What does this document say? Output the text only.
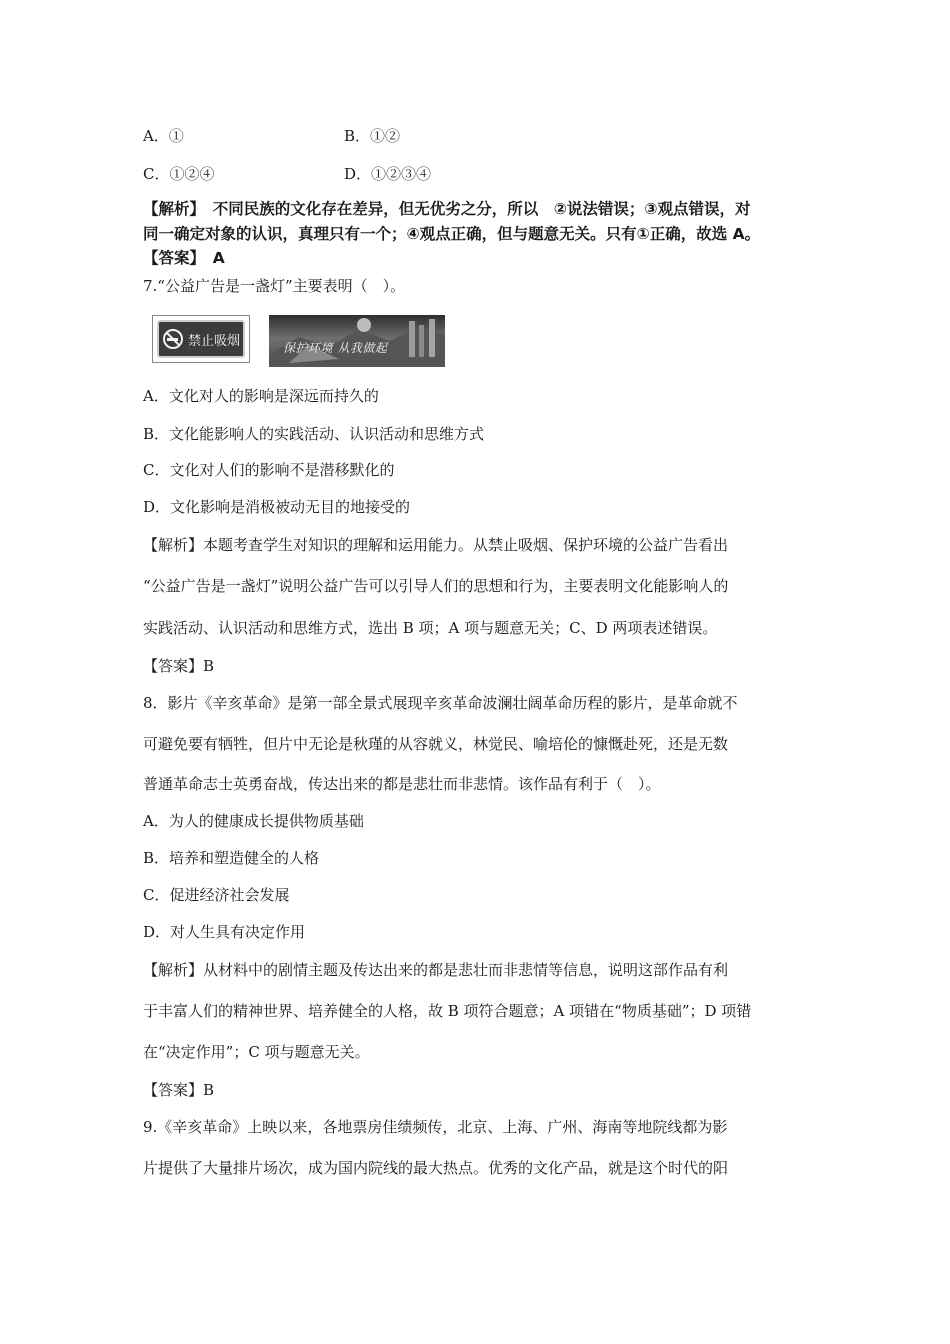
A．①	B．①②
C．①②④	D．①②③④
【解析】　不同民族的文化存在差异，但无优劣之分，所以　②说法错误；③观点错误，对
同一确定对象的认识，真理只有一个；④观点正确，但与题意无关。只有①正确，故选 A。
【答案】　A
7.“公益广告是一盏灯”主要表明（　）。
禁止吸烟	保护环境 从我做起
A．文化对人的影响是深远而持久的
B．文化能影响人的实践活动、认识活动和思维方式
C．文化对人们的影响不是潜移默化的
D．文化影响是消极被动无目的地接受的
【解析】本题考查学生对知识的理解和运用能力。从禁止吸烟、保护环境的公益广告看出
“公益广告是一盏灯”说明公益广告可以引导人们的思想和行为，主要表明文化能影响人的
实践活动、认识活动和思维方式，选出 B 项；A 项与题意无关；C、D 两项表述错误。
【答案】B
8．影片《辛亥革命》是第一部全景式展现辛亥革命波澜壮阔革命历程的影片，是革命就不
可避免要有牺牲，但片中无论是秋瑾的从容就义，林觉民、喻培伦的慷慨赴死，还是无数
普通革命志士英勇奋战，传达出来的都是悲壮而非悲情。该作品有利于（　）。
A．为人的健康成长提供物质基础
B．培养和塑造健全的人格
C．促进经济社会发展
D．对人生具有决定作用
【解析】从材料中的剧情主题及传达出来的都是悲壮而非悲情等信息，说明这部作品有利
于丰富人们的精神世界、培养健全的人格，故 B 项符合题意；A 项错在“物质基础”；D 项错
在“决定作用”；C 项与题意无关。
【答案】B
9.《辛亥革命》上映以来，各地票房佳绩频传，北京、上海、广州、海南等地院线都为影
片提供了大量排片场次，成为国内院线的最大热点。优秀的文化产品，就是这个时代的阳
